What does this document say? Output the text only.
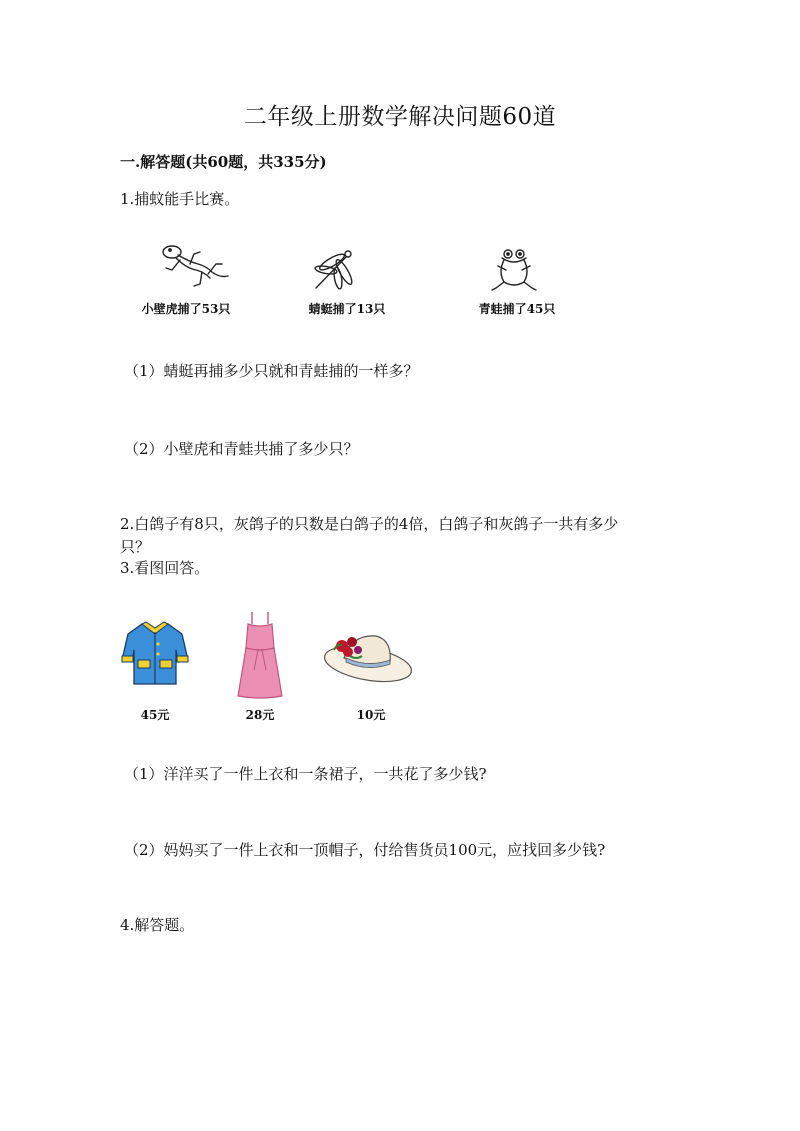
二年级上册数学解决问题60道
一.解答题(共60题，共335分)
1.捕蚊能手比赛。
小壁虎捕了53只	蜻蜓捕了13只	青蛙捕了45只
（1）蜻蜓再捕多少只就和青蛙捕的一样多？
（2）小壁虎和青蛙共捕了多少只？
2.白鸽子有8只，灰鸽子的只数是白鸽子的4倍，白鸽子和灰鸽子一共有多少
只？
3.看图回答。
45元	28元	10元
（1）洋洋买了一件上衣和一条裙子，一共花了多少钱?
（2）妈妈买了一件上衣和一顶帽子，付给售货员100元，应找回多少钱?
4.解答题。
